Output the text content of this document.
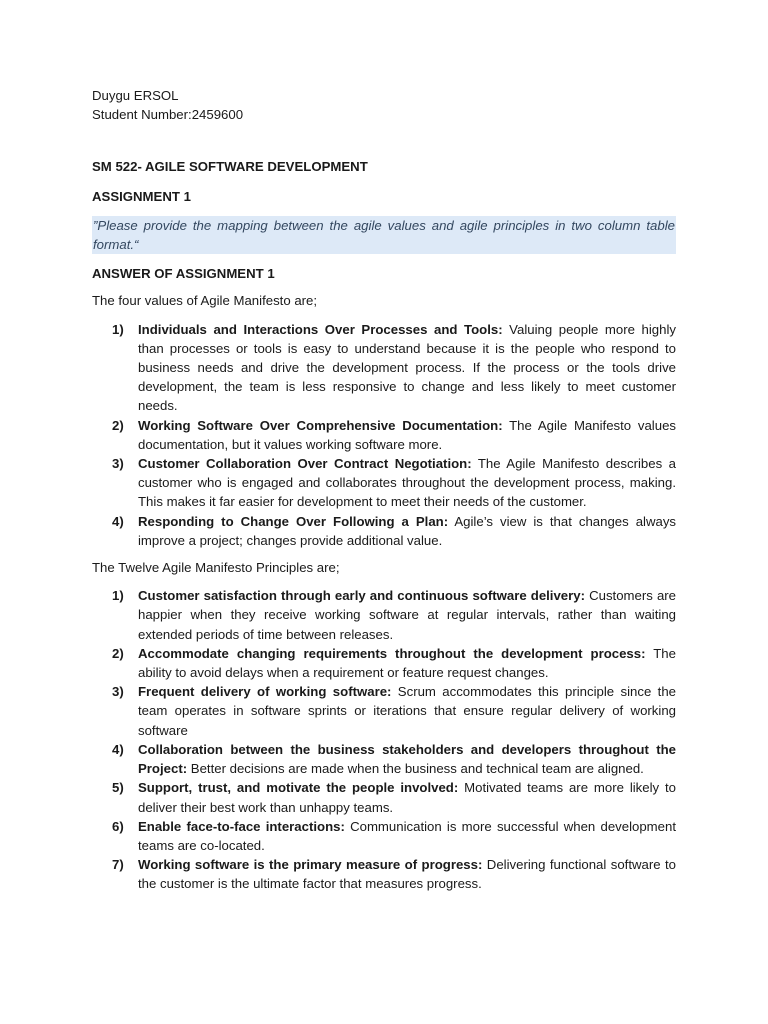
Duygu ERSOL
Student Number:2459600
SM 522- AGILE SOFTWARE DEVELOPMENT
ASSIGNMENT 1
”Please provide the mapping between the agile values and agile principles in two column table format.“
ANSWER OF ASSIGNMENT 1
The four values of Agile Manifesto are;
1) Individuals and Interactions Over Processes and Tools: Valuing people more highly than processes or tools is easy to understand because it is the people who respond to business needs and drive the development process. If the process or the tools drive development, the team is less responsive to change and less likely to meet customer needs.
2) Working Software Over Comprehensive Documentation: The Agile Manifesto values documentation, but it values working software more.
3) Customer Collaboration Over Contract Negotiation: The Agile Manifesto describes a customer who is engaged and collaborates throughout the development process, making. This makes it far easier for development to meet their needs of the customer.
4) Responding to Change Over Following a Plan: Agile’s view is that changes always improve a project; changes provide additional value.
The Twelve Agile Manifesto Principles are;
1) Customer satisfaction through early and continuous software delivery: Customers are happier when they receive working software at regular intervals, rather than waiting extended periods of time between releases.
2) Accommodate changing requirements throughout the development process: The ability to avoid delays when a requirement or feature request changes.
3) Frequent delivery of working software: Scrum accommodates this principle since the team operates in software sprints or iterations that ensure regular delivery of working software
4) Collaboration between the business stakeholders and developers throughout the Project: Better decisions are made when the business and technical team are aligned.
5) Support, trust, and motivate the people involved: Motivated teams are more likely to deliver their best work than unhappy teams.
6) Enable face-to-face interactions: Communication is more successful when development teams are co-located.
7) Working software is the primary measure of progress: Delivering functional software to the customer is the ultimate factor that measures progress.
